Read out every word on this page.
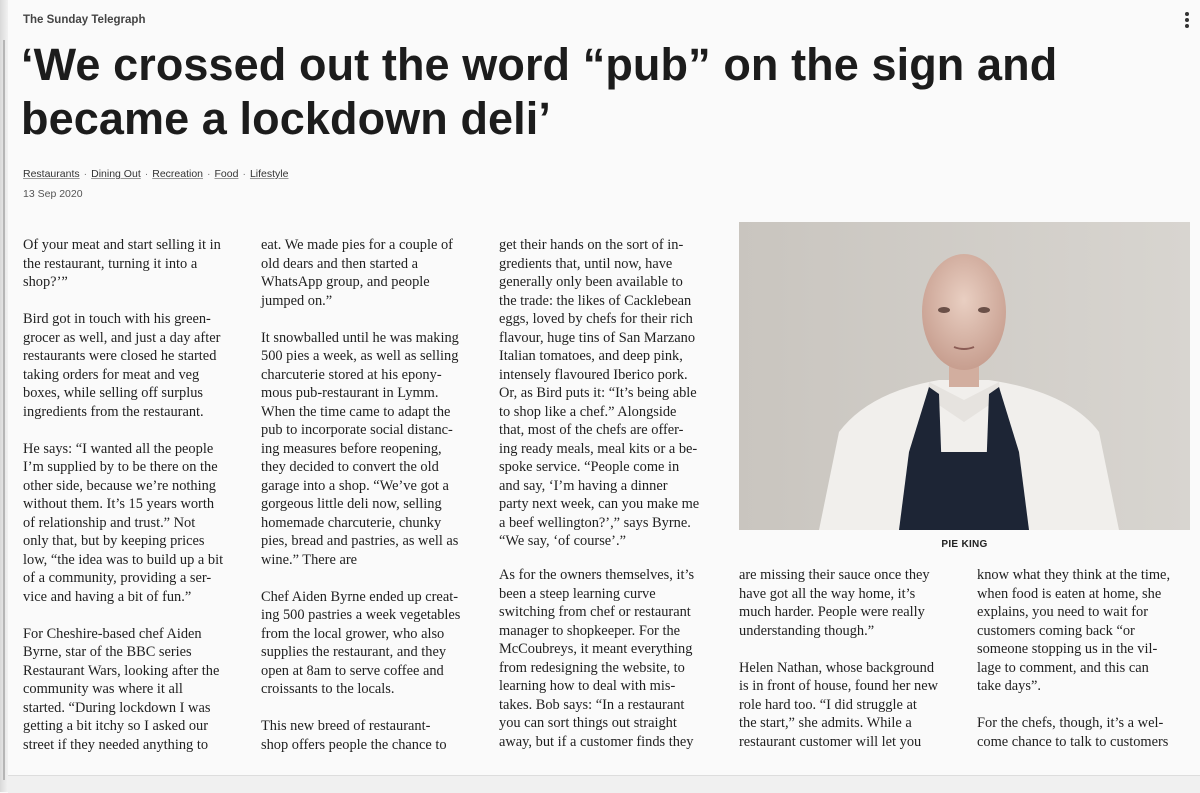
The Sunday Telegraph
‘We crossed out the word “pub” on the sign and became a lockdown deli’
Restaurants · Dining Out · Recreation · Food · Lifestyle
13 Sep 2020

Of your meat and start selling it in
the restaurant, turning it into a
shop?’”

Bird got in touch with his green-
grocer as well, and just a day after
restaurants were closed he started
taking orders for meat and veg
boxes, while selling off surplus
ingredients from the restaurant.

He says: “I wanted all the people
I’m supplied by to be there on the
other side, because we’re nothing
without them. It’s 15 years worth
of relationship and trust.” Not
only that, but by keeping prices
low, “the idea was to build up a bit
of a community, providing a ser-
vice and having a bit of fun.”

For Cheshire-based chef Aiden
Byrne, star of the BBC series
Restaurant Wars, looking after the
community was where it all
started. “During lockdown I was
getting a bit itchy so I asked our
street if they needed anything to

eat. We made pies for a couple of
old dears and then started a
WhatsApp group, and people
jumped on.”

It snowballed until he was making
500 pies a week, as well as selling
charcuterie stored at his epony-
mous pub-restaurant in Lymm.
When the time came to adapt the
pub to incorporate social distanc-
ing measures before reopening,
they decided to convert the old
garage into a shop. “We’ve got a
gorgeous little deli now, selling
homemade charcuterie, chunky
pies, bread and pastries, as well as
wine.” There are

Chef Aiden Byrne ended up creat-
ing 500 pastries a week vegetables
from the local grower, who also
supplies the restaurant, and they
open at 8am to serve coffee and
croissants to the locals.

This new breed of restaurant-
shop offers people the chance to

get their hands on the sort of in-
gredients that, until now, have
generally only been available to
the trade: the likes of Cacklebean
eggs, loved by chefs for their rich
flavour, huge tins of San Marzano
Italian tomatoes, and deep pink,
intensely flavoured Iberico pork.
Or, as Bird puts it: “It’s being able
to shop like a chef.” Alongside
that, most of the chefs are offer-
ing ready meals, meal kits or a be-
spoke service. “People come in
and say, ‘I’m having a dinner
party next week, can you make me
a beef wellington?’,” says Byrne.
“We say, ‘of course’.”

As for the owners themselves, it’s
been a steep learning curve
switching from chef or restaurant
manager to shopkeeper. For the
McCoubreys, it meant everything
from redesigning the website, to
learning how to deal with mis-
takes. Bob says: “In a restaurant
you can sort things out straight
away, but if a customer finds they

PIE KING

are missing their sauce once they
have got all the way home, it’s
much harder. People were really
understanding though.”

Helen Nathan, whose background
is in front of house, found her new
role hard too. “I did struggle at
the start,” she admits. While a
restaurant customer will let you

know what they think at the time,
when food is eaten at home, she
explains, you need to wait for
customers coming back “or
someone stopping us in the vil-
lage to comment, and this can
take days”.

For the chefs, though, it’s a wel-
come chance to talk to customers
